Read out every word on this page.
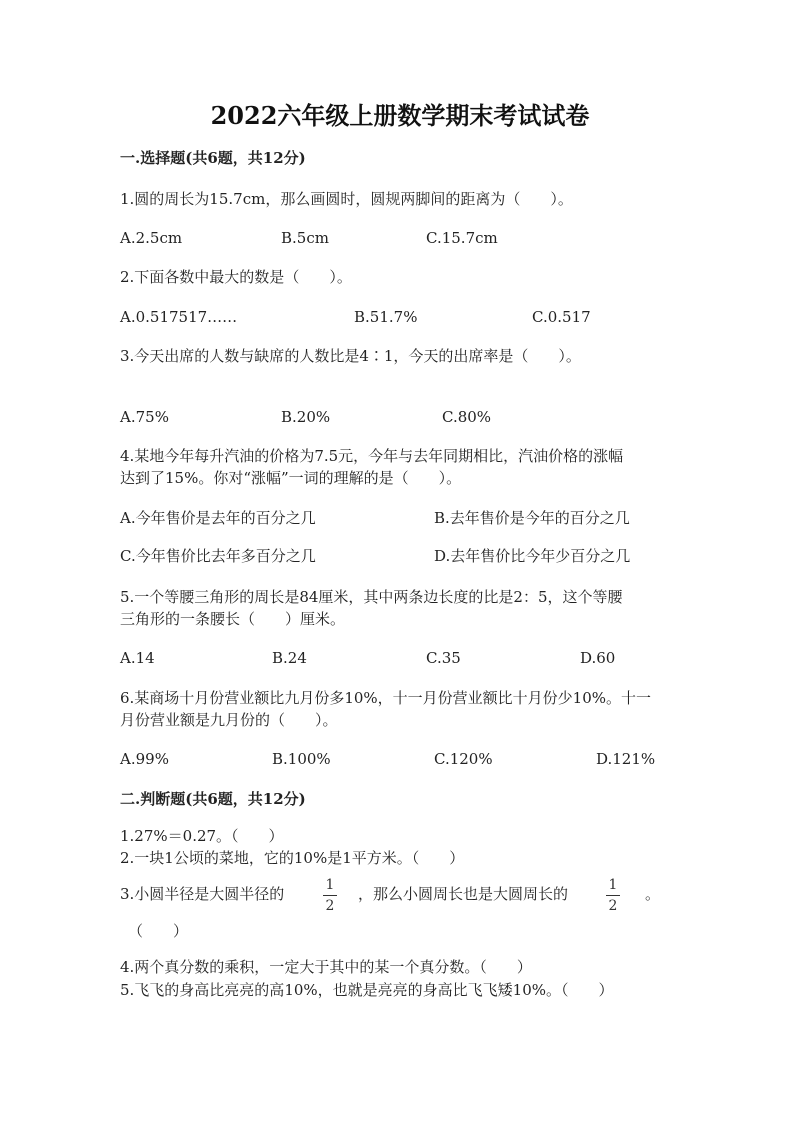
2022六年级上册数学期末考试试卷
一.选择题(共6题，共12分)
1.圆的周长为15.7cm，那么画圆时，圆规两脚间的距离为（　　）。
A.2.5cm	B.5cm	C.15.7cm
2.下面各数中最大的数是（　　）。
A.0.517517……	B.51.7%	C.0.517
3.今天出席的人数与缺席的人数比是4∶1，今天的出席率是（　　）。
A.75%	B.20%	C.80%
4.某地今年每升汽油的价格为7.5元，今年与去年同期相比，汽油价格的涨幅
达到了15%。你对“涨幅”一词的理解的是（　　）。
A.今年售价是去年的百分之几	B.去年售价是今年的百分之几
C.今年售价比去年多百分之几	D.去年售价比今年少百分之几
5.一个等腰三角形的周长是84厘米，其中两条边长度的比是2：5，这个等腰
三角形的一条腰长（　　）厘米。
A.14	B.24	C.35	D.60
6.某商场十月份营业额比九月份多10%，十一月份营业额比十月份少10%。十一
月份营业额是九月份的（　　）。
A.99%	B.100%	C.120%	D.121%
二.判断题(共6题，共12分)
1.27%＝0.27。（　　）
2.一块1公顷的菜地，它的10%是1平方米。（　　）
3.小圆半径是大圆半径的	1
2
，那么小圆周长也是大圆周长的	1
2
。
（　　）
4.两个真分数的乘积，一定大于其中的某一个真分数。（　　）
5.飞飞的身高比亮亮的高10%，也就是亮亮的身高比飞飞矮10%。（　　）
